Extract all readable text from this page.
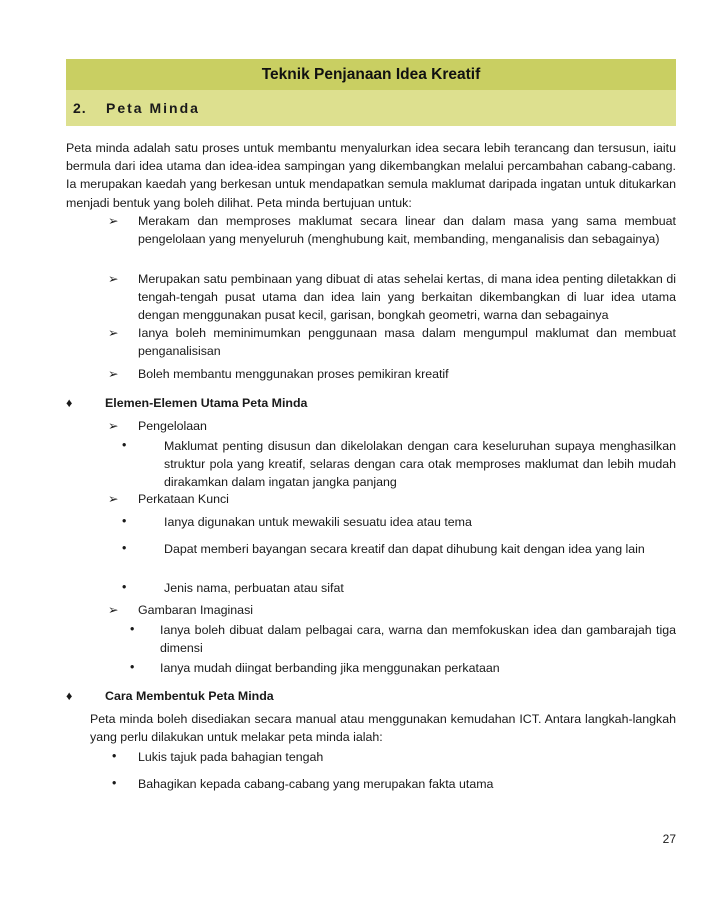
Teknik Penjanaan Idea Kreatif
2. Peta Minda
Peta minda adalah satu proses untuk membantu menyalurkan idea secara lebih terancang dan tersusun, iaitu bermula dari idea utama dan idea-idea sampingan yang dikembangkan melalui percambahan cabang-cabang. Ia merupakan kaedah yang berkesan untuk mendapatkan semula maklumat daripada ingatan untuk ditukarkan menjadi bentuk yang boleh dilihat. Peta minda bertujuan untuk:
➢ Merakam dan memproses maklumat secara linear dan dalam masa yang sama membuat pengelolaan yang menyeluruh (menghubung kait, membanding, menganalisis dan sebagainya)
➢ Merupakan satu pembinaan yang dibuat di atas sehelai kertas, di mana idea penting diletakkan di tengah-tengah pusat utama dan idea lain yang berkaitan dikembangkan di luar idea utama dengan menggunakan pusat kecil, garisan, bongkah geometri, warna dan sebagainya
➢ Ianya boleh meminimumkan penggunaan masa dalam mengumpul maklumat dan membuat penganalisisan
➢ Boleh membantu menggunakan proses pemikiran kreatif
♦	Elemen-Elemen Utama Peta Minda
➢ Pengelolaan
•	Maklumat penting disusun dan dikelolakan dengan cara keseluruhan supaya menghasilkan struktur pola yang kreatif, selaras dengan cara otak memproses maklumat dan lebih mudah dirakamkan dalam ingatan jangka panjang
➢ Perkataan Kunci
•	Ianya digunakan untuk mewakili sesuatu idea atau tema
•	Dapat memberi bayangan secara kreatif dan dapat dihubung kait dengan idea yang lain
•	Jenis nama, perbuatan atau sifat
➢ Gambaran Imaginasi
• Ianya boleh dibuat dalam pelbagai cara, warna dan memfokuskan idea dan gambarajah tiga dimensi
• Ianya mudah diingat berbanding jika menggunakan perkataan
♦	Cara Membentuk Peta Minda
Peta minda boleh disediakan secara manual atau menggunakan kemudahan ICT. Antara langkah-langkah yang perlu dilakukan untuk melakar peta minda ialah:
• Lukis tajuk pada bahagian tengah
• Bahagikan kepada cabang-cabang yang merupakan fakta utama
27
